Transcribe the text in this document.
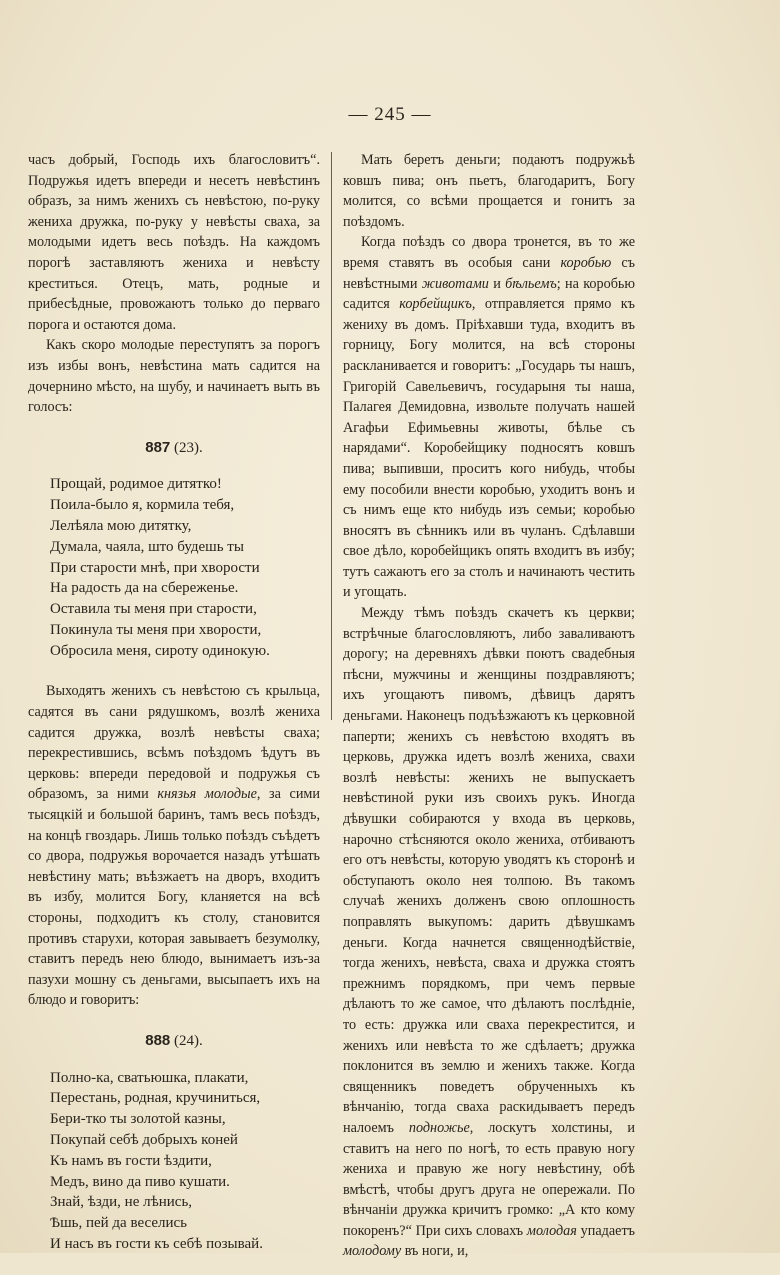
— 245 —

часъ добрый, Господь ихъ благословитъ“. Подружья идетъ впереди и несетъ невѣстинъ образъ, за нимъ женихъ съ невѣстою, по-руку жениха дружка, по-руку у невѣсты сваха, за молодыми идетъ весь поѣздъ. На каждомъ порогѣ заставляютъ жениха и невѣсту креститься. Отецъ, мать, родные и прибесѣдные, провожаютъ только до перваго порога и остаются дома.

Какъ скоро молодые переступятъ за порогъ изъ избы вонъ, невѣстина мать садится на дочернино мѣсто, на шубу, и начинаетъ выть въ голосъ:

887 (23).
Прощай, родимое дитятко!
Поила-было я, кормила тебя,
Лелѣяла мою дитятку,
Думала, чаяла, што будешь ты
При старости мнѣ, при хворости
На радость да на сбереженье.
Оставила ты меня при старости,
Покинула ты меня при хворости,
Обросила меня, сироту одинокую.

Выходятъ женихъ съ невѣстою съ крыльца, садятся въ сани рядушкомъ, возлѣ жениха садится дружка, возлѣ невѣсты сваха; перекрестившись, всѣмъ поѣздомъ ѣдутъ въ церковь: впереди передовой и подружья съ образомъ, за ними князья молодые, за сими тысяцкій и большой баринъ, тамъ весь поѣздъ, на концѣ гвоздарь. Лишь только поѣздъ съѣдетъ со двора, подружья ворочается назадъ утѣшать невѣстину мать; въѣзжаетъ на дворъ, входитъ въ избу, молится Богу, кланяется на всѣ стороны, подходитъ къ столу, становится противъ старухи, которая завываетъ безумолку, ставитъ передъ нею блюдо, вынимаетъ изъ-за пазухи мошну съ деньгами, высыпаетъ ихъ на блюдо и говоритъ:

888 (24).
Полно-ка, сватьюшка, плакати,
Перестань, родная, кручиниться,
Бери-тко ты золотой казны,
Покупай себѣ добрыхъ коней
Къ намъ въ гости ѣздити,
Медъ, вино да пиво кушати.
Знай, ѣзди, не лѣнись,
Ѣшь, пей да веселись
И насъ въ гости къ себѣ позывай.

Мать беретъ деньги; подаютъ подружьѣ ковшъ пива; онъ пьетъ, благодаритъ, Богу молится, со всѣми прощается и гонитъ за поѣздомъ.

Когда поѣздъ со двора тронется, въ то же время ставятъ въ особыя сани коробью съ невѣстными животами и бѣльемъ; на коробью садится корбейщикъ, отправляется прямо къ жениху въ домъ. Пріѣхавши туда, входитъ въ горницу, Богу молится, на всѣ стороны раскланивается и говоритъ: „Государь ты нашъ, Григорій Савельевичъ, государыня ты наша, Палагея Демидовна, извольте получать нашей Агафьи Ефимьевны животы, бѣлье съ нарядами“. Коробейщику подносятъ ковшъ пива; выпивши, проситъ кого нибудь, чтобы ему пособили внести коробью, уходитъ вонъ и съ нимъ еще кто нибудь изъ семьи; коробью вносятъ въ сѣнникъ или въ чуланъ. Сдѣлавши свое дѣло, коробейщикъ опять входитъ въ избу; тутъ сажаютъ его за столъ и начинаютъ честить и угощать.

Между тѣмъ поѣздъ скачетъ къ церкви; встрѣчные благословляютъ, либо заваливаютъ дорогу; на деревняхъ дѣвки поютъ свадебныя пѣсни, мужчины и женщины поздравляютъ; ихъ угощаютъ пивомъ, дѣвицъ дарятъ деньгами. Наконецъ подъѣзжаютъ къ церковной паперти; женихъ съ невѣстою входятъ въ церковь, дружка идетъ возлѣ жениха, свахи возлѣ невѣсты: женихъ не выпускаетъ невѣстиной руки изъ своихъ рукъ. Иногда дѣвушки собираются у входа въ церковь, нарочно стѣсняются около жениха, отбиваютъ его отъ невѣсты, которую уводятъ къ сторонѣ и обступаютъ около нея толпою. Въ такомъ случаѣ женихъ долженъ свою оплошность поправлять выкупомъ: дарить дѣвушкамъ деньги. Когда начнется священнодѣйствіе, тогда женихъ, невѣста, сваха и дружка стоятъ прежнимъ порядкомъ, при чемъ первые дѣлаютъ то же самое, что дѣлаютъ послѣдніе, то есть: дружка или сваха перекрестится, и женихъ или невѣста то же сдѣлаетъ; дружка поклонится въ землю и женихъ также. Когда священникъ поведетъ обрученныхъ къ вѣнчанію, тогда сваха раскидываетъ передъ налоемъ подножье, лоскутъ холстины, и ставитъ на него по ногѣ, то есть правую ногу жениха и правую же ногу невѣстину, обѣ вмѣстѣ, чтобы другъ друга не опережали. По вѣнчаніи дружка кричитъ громко: „А кто кому покоренъ?“ При сихъ словахъ молодая упадаетъ молодому въ ноги, и,
